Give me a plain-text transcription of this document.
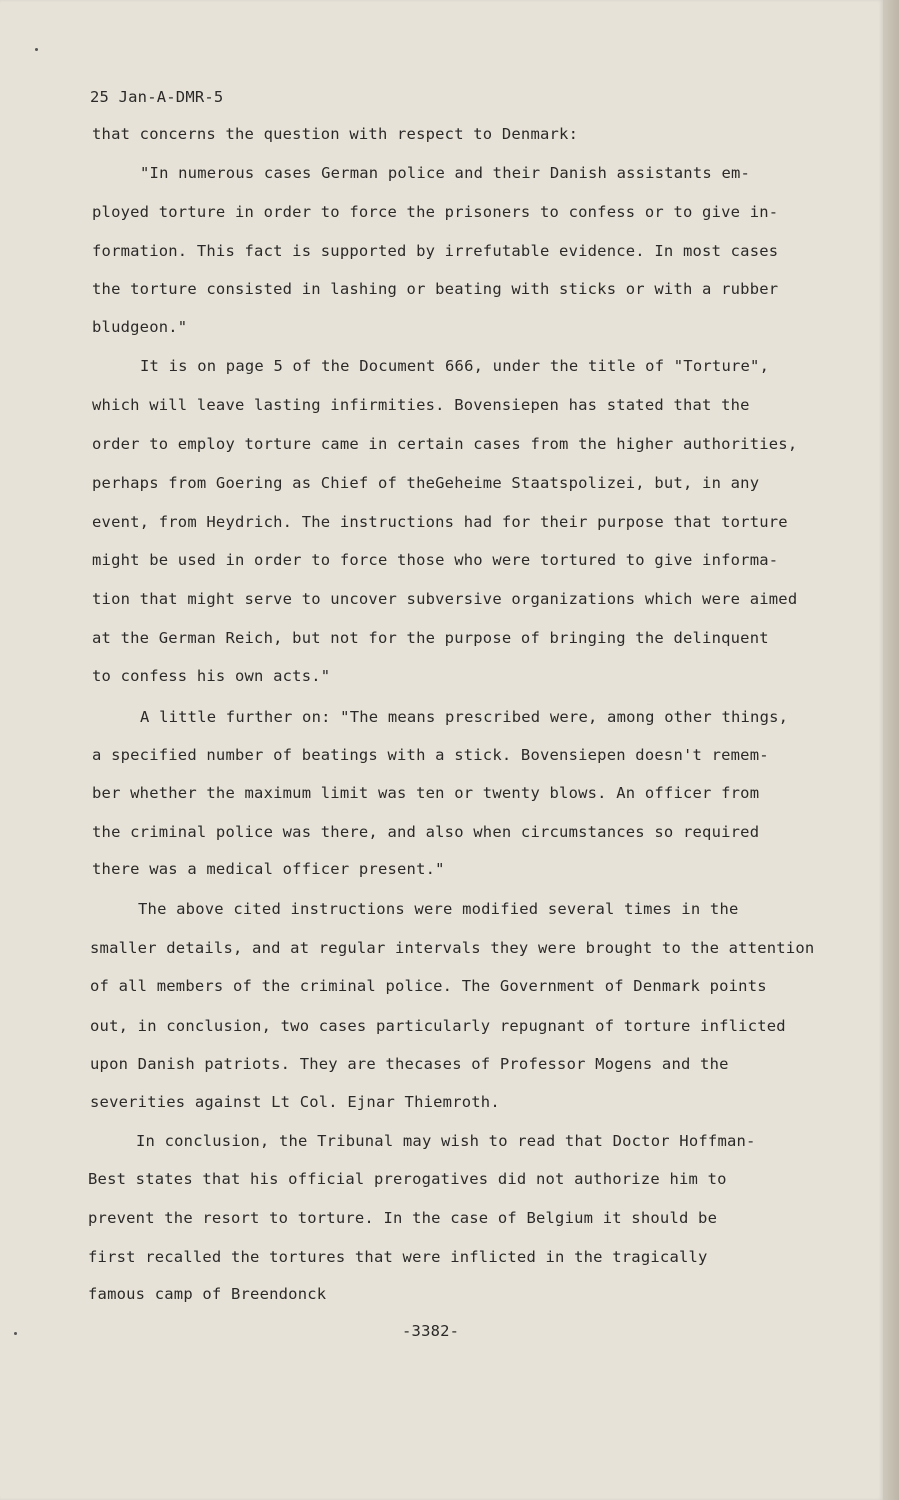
25 Jan-A-DMR-5
that concerns the question with respect to Denmark:
"In numerous cases German police and their Danish assistants em-
ployed torture in order to force the prisoners to confess or to give in-
formation. This fact is supported by irrefutable evidence. In most cases
the torture consisted in lashing or beating with sticks or with a rubber
bludgeon."
It is on page 5 of the Document 666, under the title of "Torture",
which will leave lasting infirmities. Bovensiepen has stated that the
order to employ torture came in certain cases from the higher authorities,
perhaps from Goering as Chief of theGeheime Staatspolizei, but, in any
event, from Heydrich. The instructions had for their purpose that torture
might be used in order to force those who were tortured to give informa-
tion that might serve to uncover subversive organizations which were aimed
at the German Reich, but not for the purpose of bringing the delinquent
to confess his own acts."
A little further on: "The means prescribed were, among other things,
a specified number of beatings with a stick. Bovensiepen doesn't remem-
ber whether the maximum limit was ten or twenty blows. An officer from
the criminal police was there, and also when circumstances so required
there was a medical officer present."
The above cited instructions were modified several times in the
smaller details, and at regular intervals they were brought to the attention
of all members of the criminal police. The Government of Denmark points
out, in conclusion, two cases particularly repugnant of torture inflicted
upon Danish patriots. They are thecases of Professor Mogens and the
severities against Lt Col. Ejnar Thiemroth.
In conclusion, the Tribunal may wish to read that Doctor Hoffman-
Best states that his official prerogatives did not authorize him to
prevent the resort to torture. In the case of Belgium it should be
first recalled the tortures that were inflicted in the tragically
famous camp of Breendonck
-3382-
